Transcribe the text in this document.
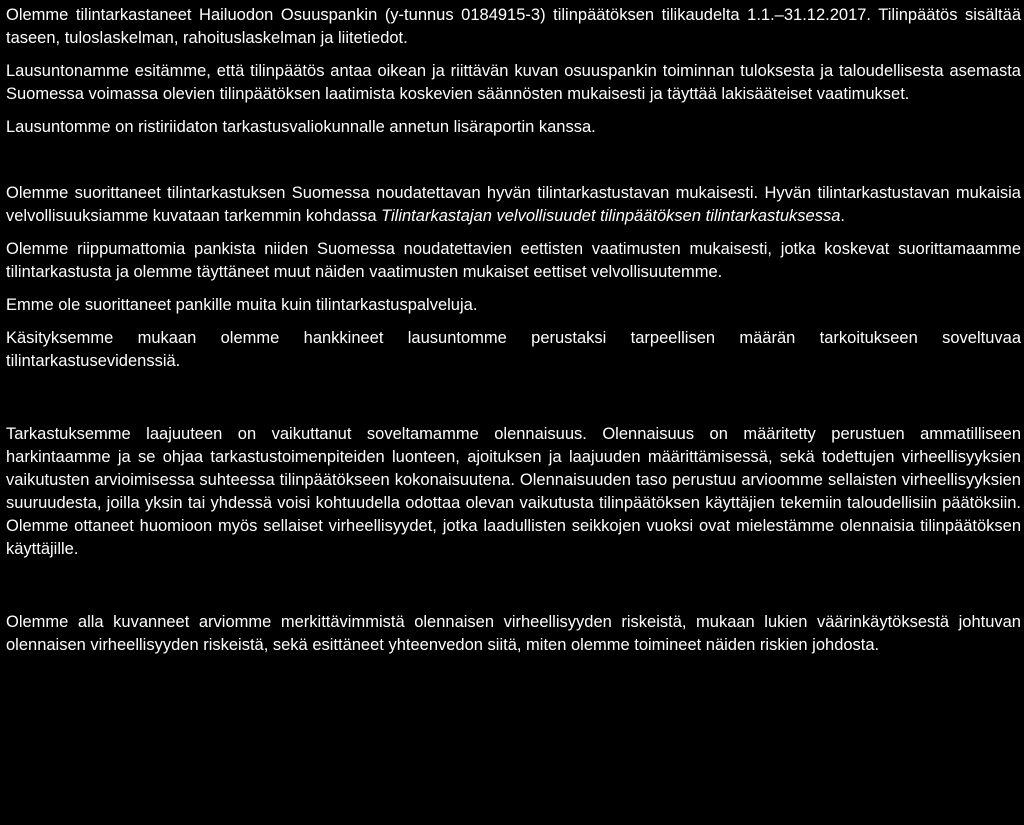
Olemme tilintarkastaneet Hailuodon Osuuspankin (y-tunnus 0184915-3) tilinpäätöksen tilikaudelta 1.1.–31.12.2017. Tilinpäätös sisältää taseen, tuloslaskelman, rahoituslaskelman ja liitetiedot.

Lausuntonamme esitämme, että tilinpäätös antaa oikean ja riittävän kuvan osuuspankin toiminnan tuloksesta ja taloudellisesta asemasta Suomessa voimassa olevien tilinpäätöksen laatimista koskevien säännösten mukaisesti ja täyttää lakisääteiset vaatimukset.

Lausuntomme on ristiriidaton tarkastusvaliokunnalle annetun lisäraportin kanssa.

Olemme suorittaneet tilintarkastuksen Suomessa noudatettavan hyvän tilintarkastustavan mukaisesti. Hyvän tilintarkastustavan mukaisia velvollisuuksiamme kuvataan tarkemmin kohdassa Tilintarkastajan velvollisuudet tilinpäätöksen tilintarkastuksessa.

Olemme riippumattomia pankista niiden Suomessa noudatettavien eettisten vaatimusten mukaisesti, jotka koskevat suorittamaamme tilintarkastusta ja olemme täyttäneet muut näiden vaatimusten mukaiset eettiset velvollisuutemme.

Emme ole suorittaneet pankille muita kuin tilintarkastuspalveluja.

Käsityksemme mukaan olemme hankkineet lausuntomme perustaksi tarpeellisen määrän tarkoitukseen soveltuvaa tilintarkastusevidenssiä.

Tarkastuksemme laajuuteen on vaikuttanut soveltamamme olennaisuus. Olennaisuus on määritetty perustuen ammatilliseen harkintaamme ja se ohjaa tarkastustoimenpiteiden luonteen, ajoituksen ja laajuuden määrittämisessä, sekä todettujen virheellisyyksien vaikutusten arvioimisessa suhteessa tilinpäätökseen kokonaisuutena. Olennaisuuden taso perustuu arvioomme sellaisten virheellisyyksien suuruudesta, joilla yksin tai yhdessä voisi kohtuudella odottaa olevan vaikutusta tilinpäätöksen käyttäjien tekemiin taloudellisiin päätöksiin. Olemme ottaneet huomioon myös sellaiset virheellisyydet, jotka laadullisten seikkojen vuoksi ovat mielestämme olennaisia tilinpäätöksen käyttäjille.

Olemme alla kuvanneet arviomme merkittävimmistä olennaisen virheellisyyden riskeistä, mukaan lukien väärinkäytöksestä johtuvan olennaisen virheellisyyden riskeistä, sekä esittäneet yhteenvedon siitä, miten olemme toimineet näiden riskien johdosta.
